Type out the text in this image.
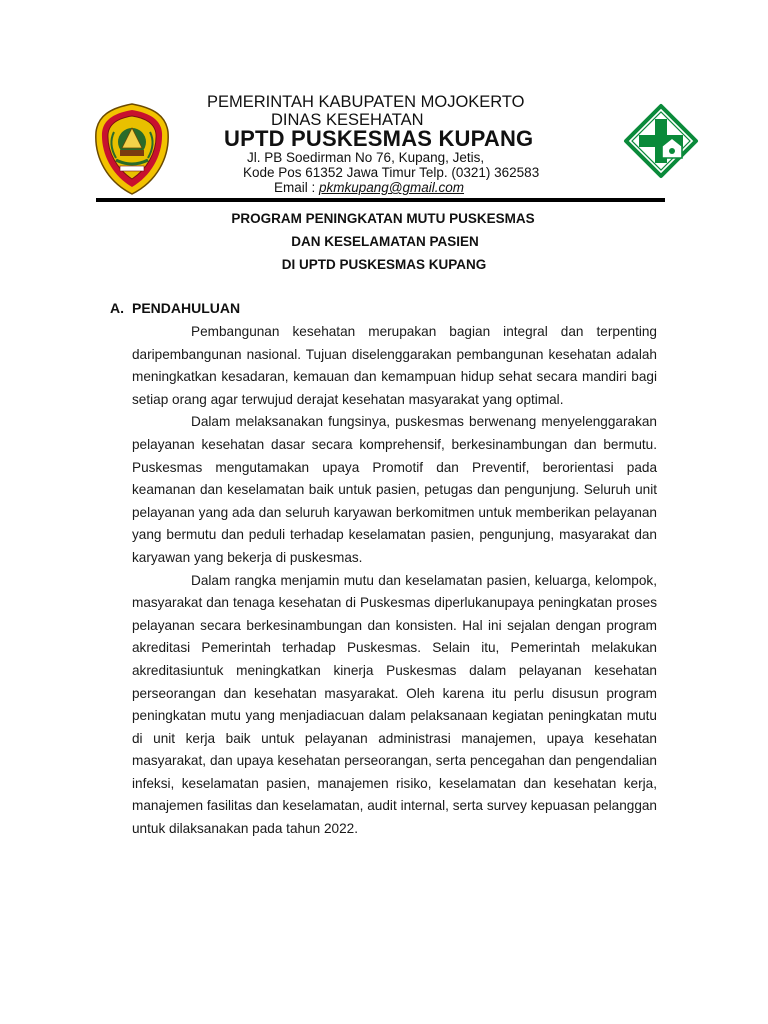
PEMERINTAH KABUPATEN MOJOKERTO
DINAS KESEHATAN
UPTD PUSKESMAS KUPANG
Jl. PB Soedirman No 76, Kupang, Jetis,
Kode Pos 61352 Jawa Timur Telp. (0321) 362583
Email : pkmkupang@gmail.com
PROGRAM PENINGKATAN MUTU PUSKESMAS
DAN KESELAMATAN PASIEN
DI UPTD PUSKESMAS KUPANG
A. PENDAHULUAN

Pembangunan kesehatan merupakan bagian integral dan terpenting daripembangunan nasional. Tujuan diselenggarakan pembangunan kesehatan adalah meningkatkan kesadaran, kemauan dan kemampuan hidup sehat secara mandiri bagi setiap orang agar terwujud derajat kesehatan masyarakat yang optimal.

Dalam melaksanakan fungsinya, puskesmas berwenang menyelenggarakan pelayanan kesehatan dasar secara komprehensif, berkesinambungan dan bermutu. Puskesmas mengutamakan upaya Promotif dan Preventif, berorientasi pada keamanan dan keselamatan baik untuk pasien, petugas dan pengunjung. Seluruh unit pelayanan yang ada dan seluruh karyawan berkomitmen untuk memberikan pelayanan yang bermutu dan peduli terhadap keselamatan pasien, pengunjung, masyarakat dan karyawan yang bekerja di puskesmas.

Dalam rangka menjamin mutu dan keselamatan pasien, keluarga, kelompok, masyarakat dan tenaga kesehatan di Puskesmas diperlukanupaya peningkatan proses pelayanan secara berkesinambungan dan konsisten. Hal ini sejalan dengan program akreditasi Pemerintah terhadap Puskesmas. Selain itu, Pemerintah melakukan akreditasiuntuk meningkatkan kinerja Puskesmas dalam pelayanan kesehatan perseorangan dan kesehatan masyarakat. Oleh karena itu perlu disusun program peningkatan mutu yang menjadiacuan dalam pelaksanaan kegiatan peningkatan mutu di unit kerja baik untuk pelayanan administrasi manajemen, upaya kesehatan masyarakat, dan upaya kesehatan perseorangan, serta pencegahan dan pengendalian infeksi, keselamatan pasien, manajemen risiko, keselamatan dan kesehatan kerja, manajemen fasilitas dan keselamatan, audit internal, serta survey kepuasan pelanggan untuk dilaksanakan pada tahun 2022.
